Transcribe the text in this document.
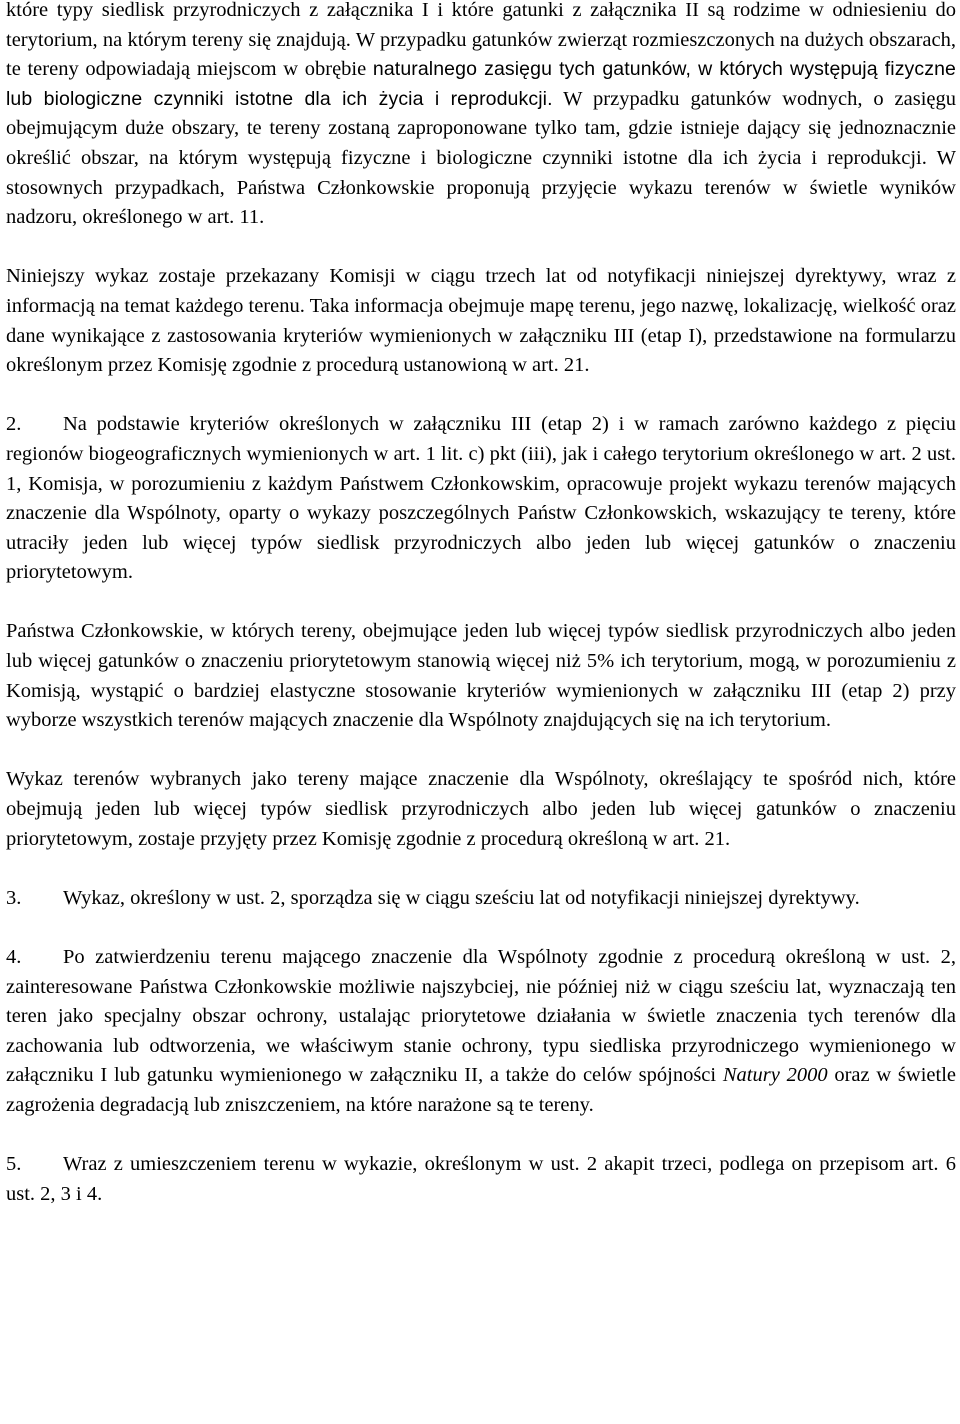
które typy siedlisk przyrodniczych z załącznika I i które gatunki z załącznika II są rodzime w odniesieniu do terytorium, na którym tereny się znajdują. W przypadku gatunków zwierząt rozmieszczonych na dużych obszarach, te tereny odpowiadają miejscom w obrębie naturalnego zasięgu tych gatunków, w których występują fizyczne lub biologiczne czynniki istotne dla ich życia i reprodukcji. W przypadku gatunków wodnych, o zasięgu obejmującym duże obszary, te tereny zostaną zaproponowane tylko tam, gdzie istnieje dający się jednoznacznie określić obszar, na którym występują fizyczne i biologiczne czynniki istotne dla ich życia i reprodukcji. W stosownych przypadkach, Państwa Członkowskie proponują przyjęcie wykazu terenów w świetle wyników nadzoru, określonego w art. 11.

Niniejszy wykaz zostaje przekazany Komisji w ciągu trzech lat od notyfikacji niniejszej dyrektywy, wraz z informacją na temat każdego terenu. Taka informacja obejmuje mapę terenu, jego nazwę, lokalizację, wielkość oraz dane wynikające z zastosowania kryteriów wymienionych w załączniku III (etap I), przedstawione na formularzu określonym przez Komisję zgodnie z procedurą ustanowioną w art. 21.

2. Na podstawie kryteriów określonych w załączniku III (etap 2) i w ramach zarówno każdego z pięciu regionów biogeograficznych wymienionych w art. 1 lit. c) pkt (iii), jak i całego terytorium określonego w art. 2 ust. 1, Komisja, w porozumieniu z każdym Państwem Członkowskim, opracowuje projekt wykazu terenów mających znaczenie dla Wspólnoty, oparty o wykazy poszczególnych Państw Członkowskich, wskazujący te tereny, które utraciły jeden lub więcej typów siedlisk przyrodniczych albo jeden lub więcej gatunków o znaczeniu priorytetowym.

Państwa Członkowskie, w których tereny, obejmujące jeden lub więcej typów siedlisk przyrodniczych albo jeden lub więcej gatunków o znaczeniu priorytetowym stanowią więcej niż 5% ich terytorium, mogą, w porozumieniu z Komisją, wystąpić o bardziej elastyczne stosowanie kryteriów wymienionych w załączniku III (etap 2) przy wyborze wszystkich terenów mających znaczenie dla Wspólnoty znajdujących się na ich terytorium.

Wykaz terenów wybranych jako tereny mające znaczenie dla Wspólnoty, określający te spośród nich, które obejmują jeden lub więcej typów siedlisk przyrodniczych albo jeden lub więcej gatunków o znaczeniu priorytetowym, zostaje przyjęty przez Komisję zgodnie z procedurą określoną w art. 21.

3. Wykaz, określony w ust. 2, sporządza się w ciągu sześciu lat od notyfikacji niniejszej dyrektywy.

4. Po zatwierdzeniu terenu mającego znaczenie dla Wspólnoty zgodnie z procedurą określoną w ust. 2, zainteresowane Państwa Członkowskie możliwie najszybciej, nie później niż w ciągu sześciu lat, wyznaczają ten teren jako specjalny obszar ochrony, ustalając priorytetowe działania w świetle znaczenia tych terenów dla zachowania lub odtworzenia, we właściwym stanie ochrony, typu siedliska przyrodniczego wymienionego w załączniku I lub gatunku wymienionego w załączniku II, a także do celów spójności Natury 2000 oraz w świetle zagrożenia degradacją lub zniszczeniem, na które narażone są te tereny.

5. Wraz z umieszczeniem terenu w wykazie, określonym w ust. 2 akapit trzeci, podlega on przepisom art. 6 ust. 2, 3 i 4.
